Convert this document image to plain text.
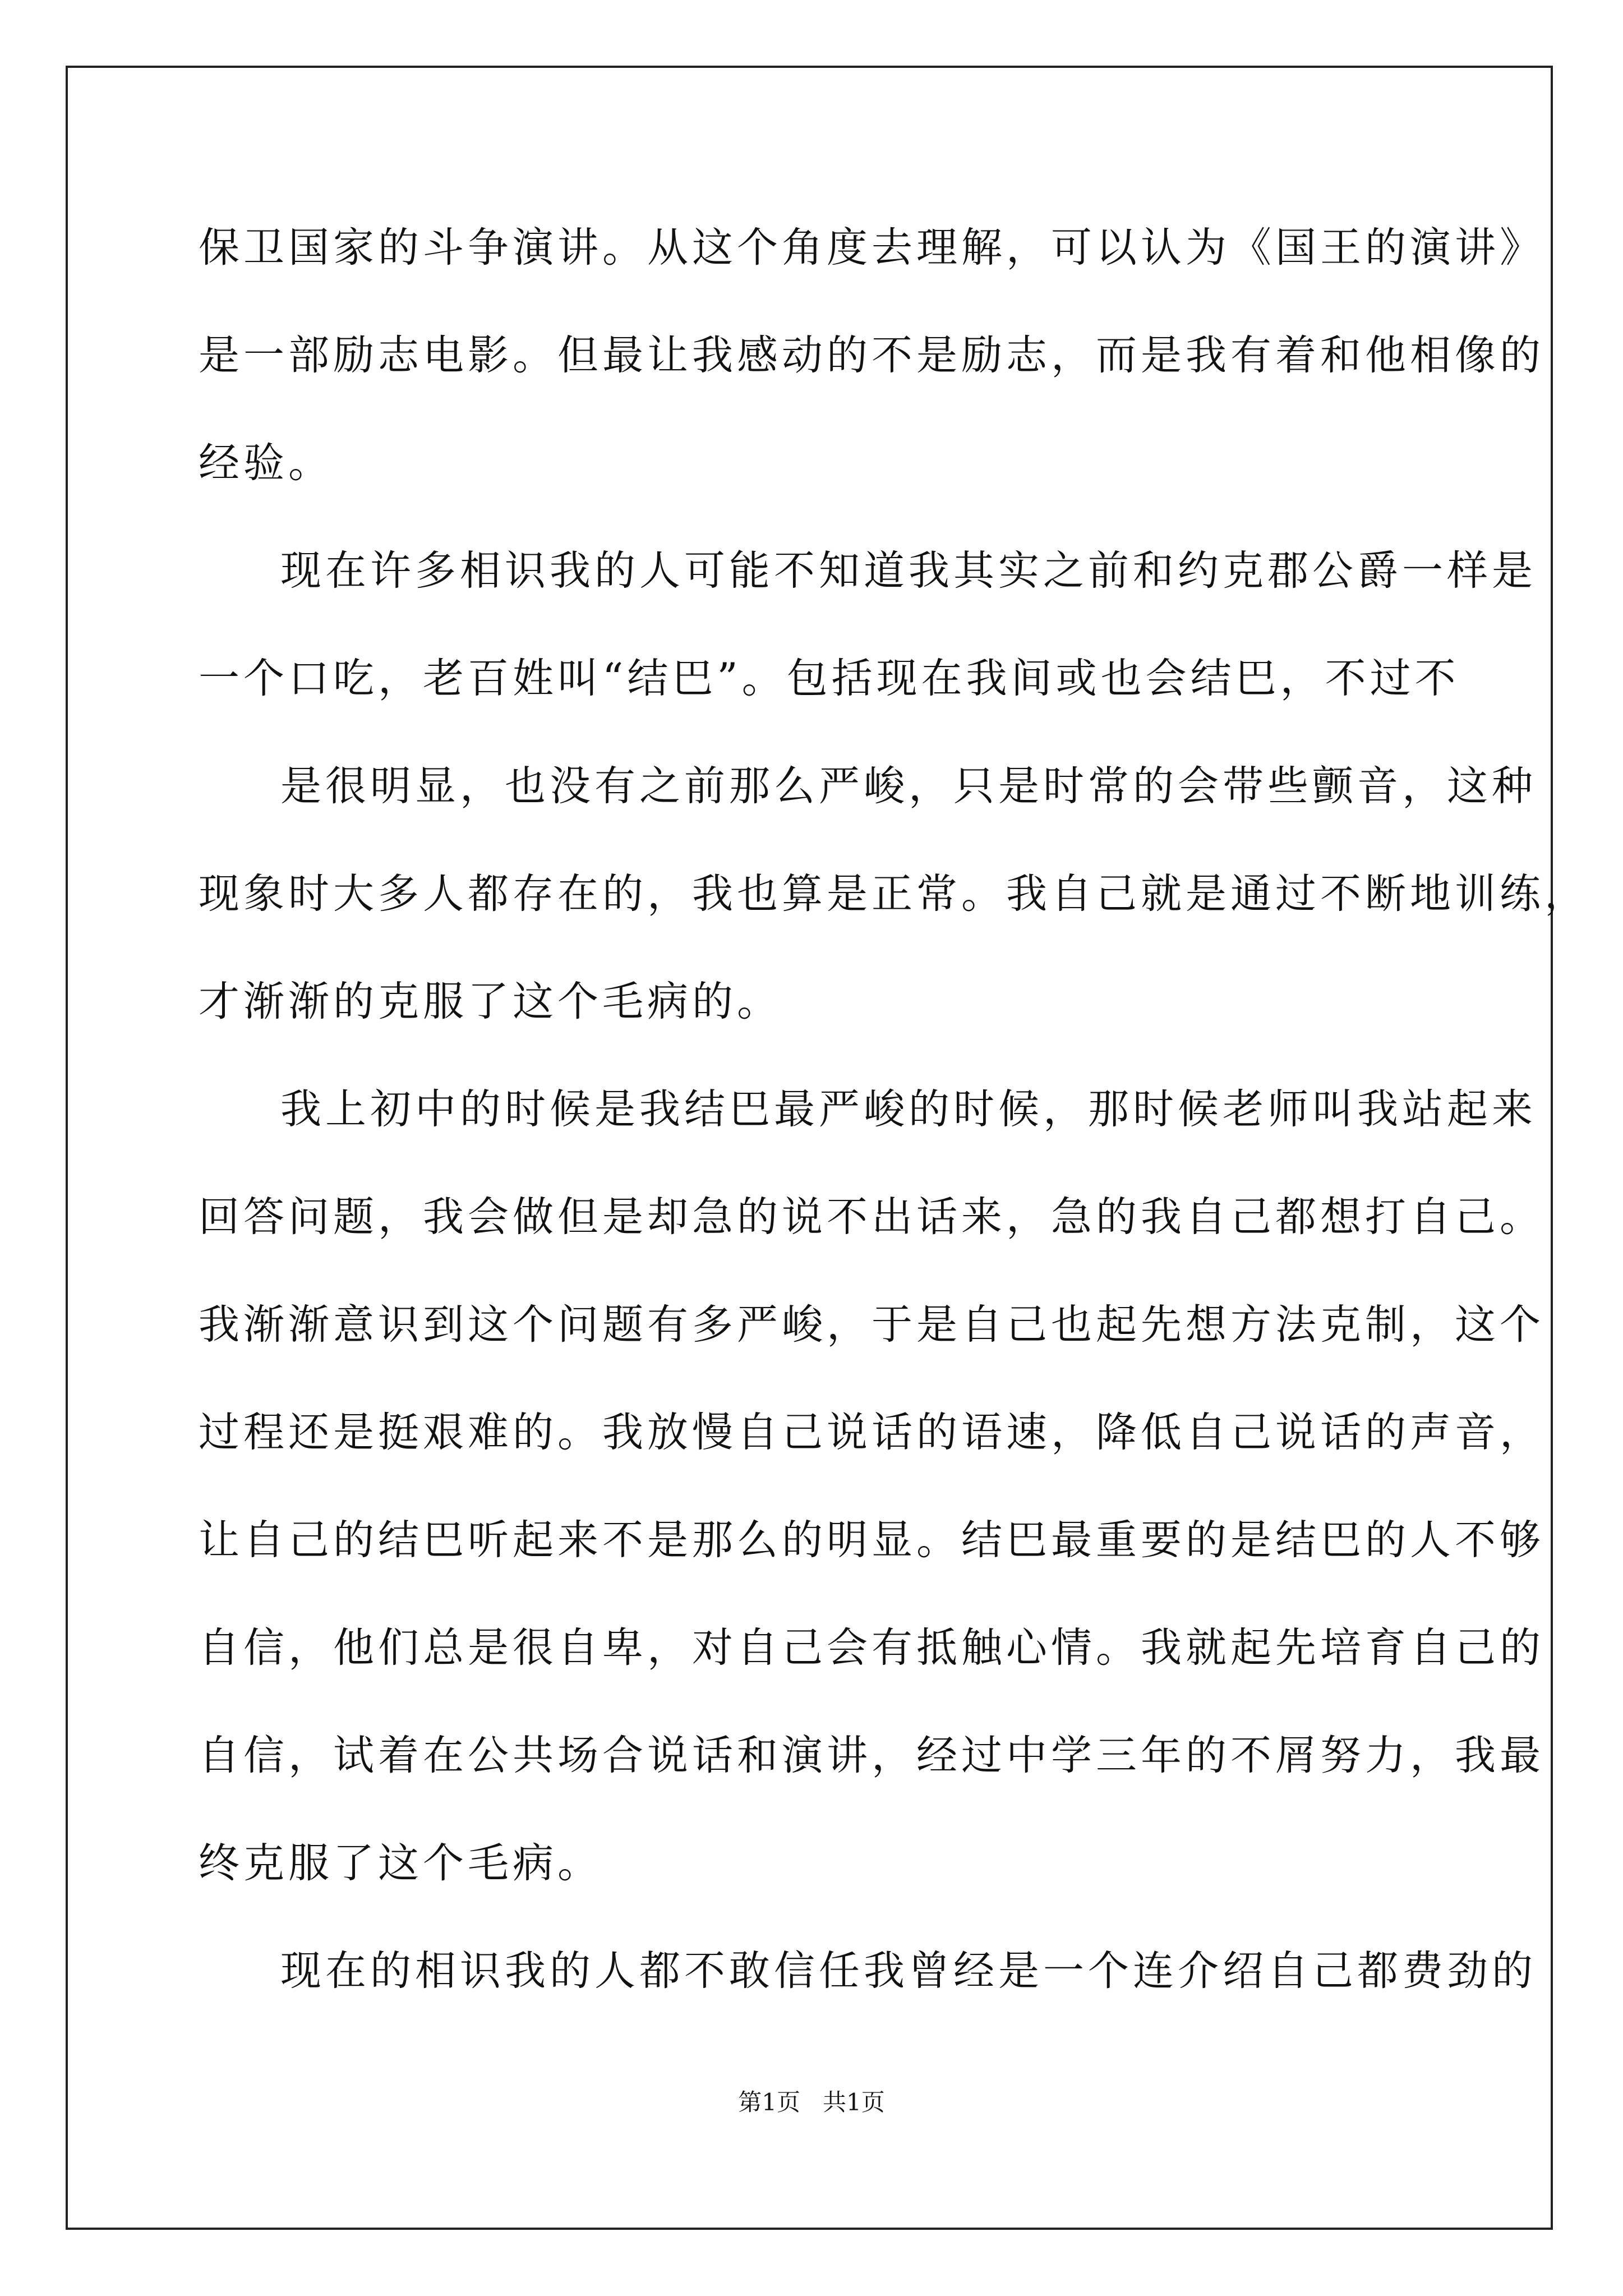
保卫国家的斗争演讲。从这个角度去理解，可以认为《国王的演讲》
是一部励志电影。但最让我感动的不是励志，而是我有着和他相像的
经验。
现在许多相识我的人可能不知道我其实之前和约克郡公爵一样是
一个口吃，老百姓叫“结巴”。包括现在我间或也会结巴，不过不
是很明显，也没有之前那么严峻，只是时常的会带些颤音，这种
现象时大多人都存在的，我也算是正常。我自己就是通过不断地训练，
才渐渐的克服了这个毛病的。
我上初中的时候是我结巴最严峻的时候，那时候老师叫我站起来
回答问题，我会做但是却急的说不出话来，急的我自己都想打自己。
我渐渐意识到这个问题有多严峻，于是自己也起先想方法克制，这个
过程还是挺艰难的。我放慢自己说话的语速，降低自己说话的声音，
让自己的结巴听起来不是那么的明显。结巴最重要的是结巴的人不够
自信，他们总是很自卑，对自己会有抵触心情。我就起先培育自己的
自信，试着在公共场合说话和演讲，经过中学三年的不屑努力，我最
终克服了这个毛病。
现在的相识我的人都不敢信任我曾经是一个连介绍自己都费劲的
第1页   共1页
